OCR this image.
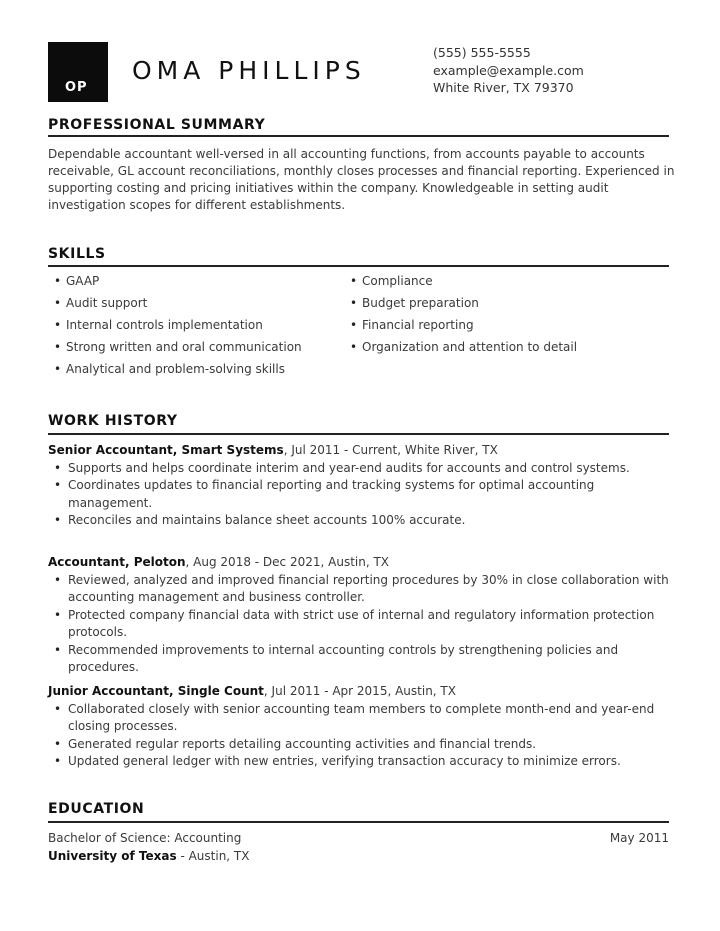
OP
OMA PHILLIPS
(555) 555-5555
example@example.com
White River, TX 79370
PROFESSIONAL SUMMARY
Dependable accountant well-versed in all accounting functions, from accounts payable to accounts receivable, GL account reconciliations, monthly closes processes and financial reporting. Experienced in supporting costing and pricing initiatives within the company. Knowledgeable in setting audit investigation scopes for different establishments.
SKILLS
• GAAP
• Audit support
• Internal controls implementation
• Strong written and oral communication
• Analytical and problem-solving skills
• Compliance
• Budget preparation
• Financial reporting
• Organization and attention to detail
WORK HISTORY
Senior Accountant, Smart Systems, Jul 2011 - Current, White River, TX
• Supports and helps coordinate interim and year-end audits for accounts and control systems.
• Coordinates updates to financial reporting and tracking systems for optimal accounting management.
• Reconciles and maintains balance sheet accounts 100% accurate.
Accountant, Peloton, Aug 2018 - Dec 2021, Austin, TX
• Reviewed, analyzed and improved financial reporting procedures by 30% in close collaboration with accounting management and business controller.
• Protected company financial data with strict use of internal and regulatory information protection protocols.
• Recommended improvements to internal accounting controls by strengthening policies and procedures.
Junior Accountant, Single Count, Jul 2011 - Apr 2015, Austin, TX
• Collaborated closely with senior accounting team members to complete month-end and year-end closing processes.
• Generated regular reports detailing accounting activities and financial trends.
• Updated general ledger with new entries, verifying transaction accuracy to minimize errors.
EDUCATION
Bachelor of Science: Accounting	May 2011
University of Texas - Austin, TX
